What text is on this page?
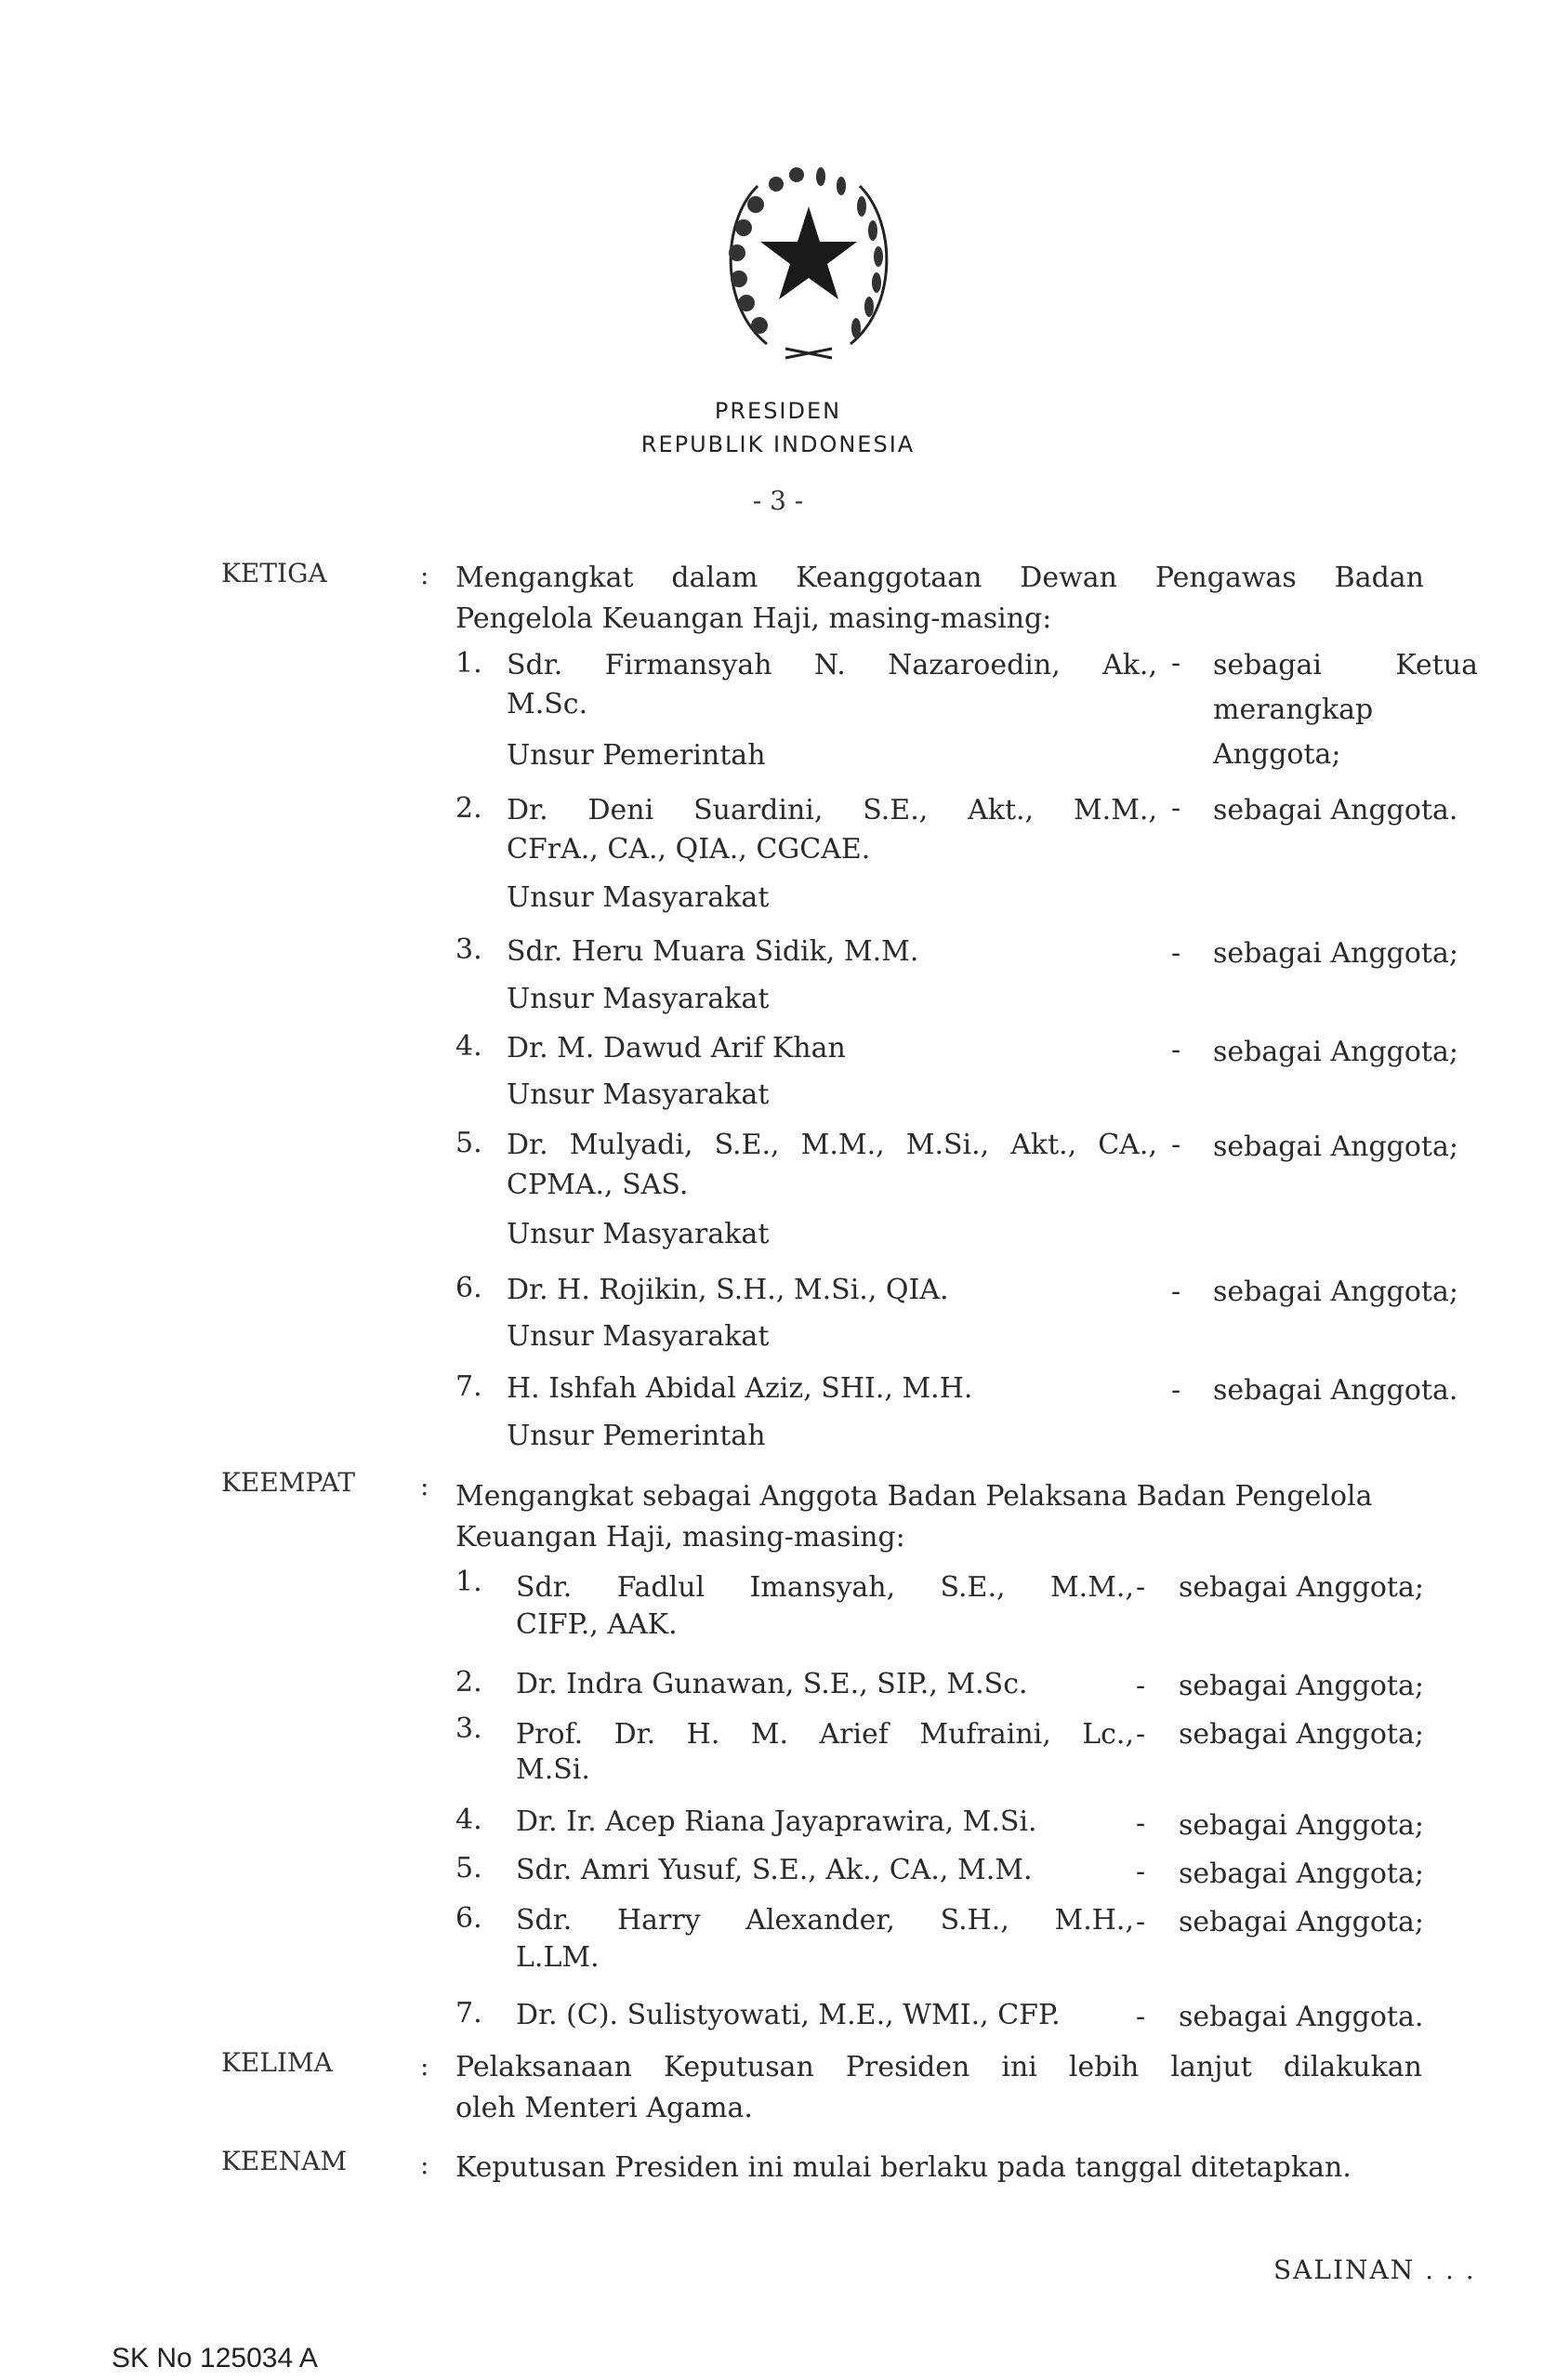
PRESIDEN
REPUBLIK INDONESIA
- 3 -
KETIGA	: Mengangkat dalam Keanggotaan Dewan Pengawas Badan
Pengelola Keuangan Haji, masing-masing:
1. Sdr. Firmansyah N. Nazaroedin, Ak.,
M.Sc.
- sebagai Ketua
merangkap
Anggota;
Unsur Pemerintah
2. Dr. Deni Suardini, S.E., Akt., M.M.,
CFrA., CA., QIA., CGCAE.
- sebagai Anggota.
Unsur Masyarakat
3. Sdr. Heru Muara Sidik, M.M.	- sebagai Anggota;
Unsur Masyarakat
4. Dr. M. Dawud Arif Khan	- sebagai Anggota;
Unsur Masyarakat
5. Dr. Mulyadi, S.E., M.M., M.Si., Akt., CA.,
CPMA., SAS.
- sebagai Anggota;
Unsur Masyarakat
6. Dr. H. Rojikin, S.H., M.Si., QIA.	- sebagai Anggota;
Unsur Masyarakat
7. H. Ishfah Abidal Aziz, SHI., M.H.	- sebagai Anggota.
Unsur Pemerintah
KEEMPAT : Mengangkat sebagai Anggota Badan Pelaksana Badan Pengelola
Keuangan Haji, masing-masing:
1. Sdr. Fadlul Imansyah, S.E., M.M.,
CIFP., AAK.
- sebagai Anggota;
2. Dr. Indra Gunawan, S.E., SIP., M.Sc.	- sebagai Anggota;
3. Prof. Dr. H. M. Arief Mufraini, Lc.,
M.Si.
- sebagai Anggota;
4. Dr. Ir. Acep Riana Jayaprawira, M.Si.	- sebagai Anggota;
5. Sdr. Amri Yusuf, S.E., Ak., CA., M.M.	- sebagai Anggota;
6. Sdr. Harry Alexander, S.H., M.H.,
L.LM.
- sebagai Anggota;
7. Dr. (C). Sulistyowati, M.E., WMI., CFP.	- sebagai Anggota.
KELIMA	: Pelaksanaan Keputusan Presiden ini lebih lanjut dilakukan
oleh Menteri Agama.
KEENAM	: Keputusan Presiden ini mulai berlaku pada tanggal ditetapkan.
SALINAN . . .
SK No 125034 A
